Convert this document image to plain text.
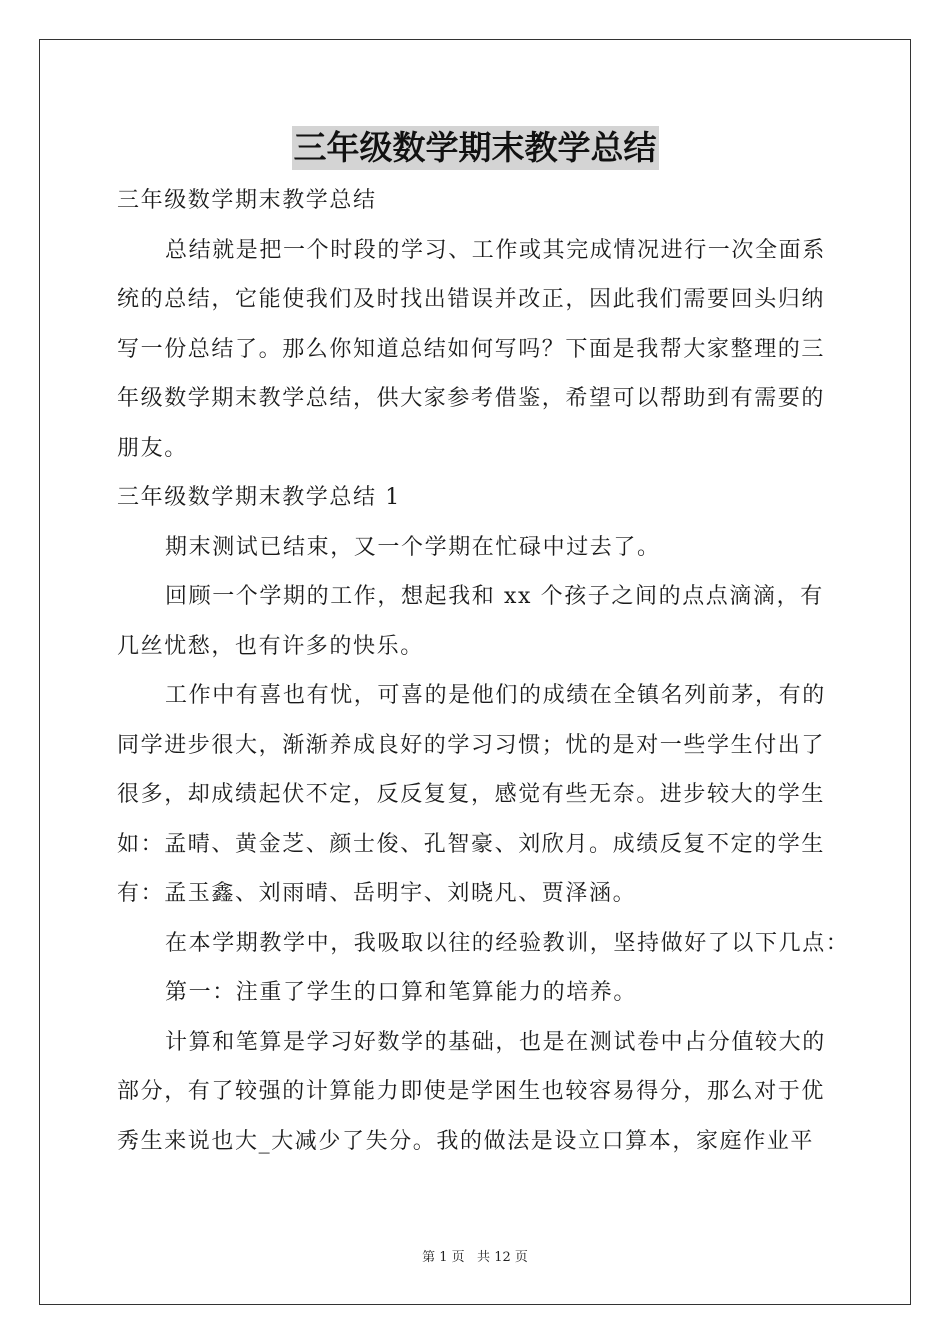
三年级数学期末教学总结
三年级数学期末教学总结
总结就是把一个时段的学习、工作或其完成情况进行一次全面系
统的总结，它能使我们及时找出错误并改正，因此我们需要回头归纳
写一份总结了。那么你知道总结如何写吗？下面是我帮大家整理的三
年级数学期末教学总结，供大家参考借鉴，希望可以帮助到有需要的
朋友。
三年级数学期末教学总结 1
期末测试已结束，又一个学期在忙碌中过去了。
回顾一个学期的工作，想起我和 xx 个孩子之间的点点滴滴，有
几丝忧愁，也有许多的快乐。
工作中有喜也有忧，可喜的是他们的成绩在全镇名列前茅，有的
同学进步很大，渐渐养成良好的学习习惯；忧的是对一些学生付出了
很多，却成绩起伏不定，反反复复，感觉有些无奈。进步较大的学生
如：孟晴、黄金芝、颜士俊、孔智豪、刘欣月。成绩反复不定的学生
有：孟玉鑫、刘雨晴、岳明宇、刘晓凡、贾泽涵。
在本学期教学中，我吸取以往的经验教训，坚持做好了以下几点：
第一：注重了学生的口算和笔算能力的培养。
计算和笔算是学习好数学的基础，也是在测试卷中占分值较大的
部分，有了较强的计算能力即使是学困生也较容易得分，那么对于优
秀生来说也大_大减少了失分。我的做法是设立口算本，家庭作业平
第 1 页   共 12 页
